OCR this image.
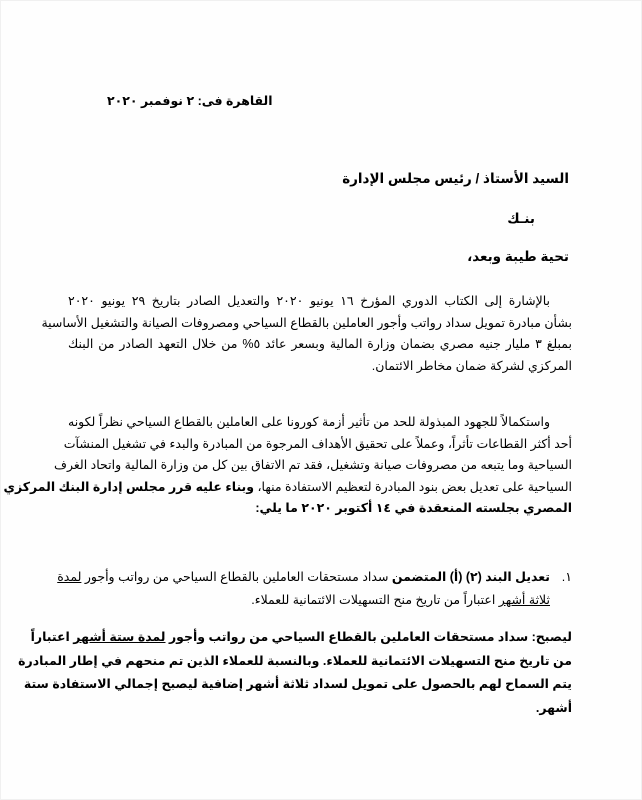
القاهرة فى: ٢ نوفمبر ٢٠٢٠
السيد الأستاذ / رئيس مجلس الإدارة
بنـك
تحية طيبة وبعد،
بالإشارة إلى الكتاب الدوري المؤرخ ١٦ يونيو ٢٠٢٠ والتعديل الصادر بتاريخ ٢٩ يونيو ٢٠٢٠
بشأن مبادرة تمويل سداد رواتب وأجور العاملين بالقطاع السياحي ومصروفات الصيانة والتشغيل الأساسية
بمبلغ ٣ مليار جنيه مصري بضمان وزارة المالية وبسعر عائد ٥% من خلال التعهد الصادر من البنك
المركزي لشركة ضمان مخاطر الائتمان.
واستكمالاً للجهود المبذولة للحد من تأثير أزمة كورونا على العاملين بالقطاع السياحي نظراً لكونه
أحد أكثر القطاعات تأثراً، وعملاً على تحقيق الأهداف المرجوة من المبادرة والبدء في تشغيل المنشآت
السياحية وما يتبعه من مصروفات صيانة وتشغيل، فقد تم الاتفاق بين كل من وزارة المالية واتحاد الغرف
السياحية على تعديل بعض بنود المبادرة لتعظيم الاستفادة منها، وبناء عليه قرر مجلس إدارة البنك المركزي
المصري بجلسته المنعقدة في ١٤ أكتوبر ٢٠٢٠ ما يلي:
١.
تعديل البند (٢) (أ) المتضمن سداد مستحقات العاملين بالقطاع السياحي من رواتب وأجور لمدة
ثلاثة أشهر اعتباراً من تاريخ منح التسهيلات الائتمانية للعملاء.
ليصبح: سداد مستحقات العاملين بالقطاع السياحي من رواتب وأجور لمدة ستة أشهر اعتباراً
من تاريخ منح التسهيلات الائتمانية للعملاء. وبالنسبة للعملاء الذين تم منحهم في إطار المبادرة
يتم السماح لهم بالحصول على تمويل لسداد ثلاثة أشهر إضافية ليصبح إجمالي الاستفادة ستة
أشهر.
